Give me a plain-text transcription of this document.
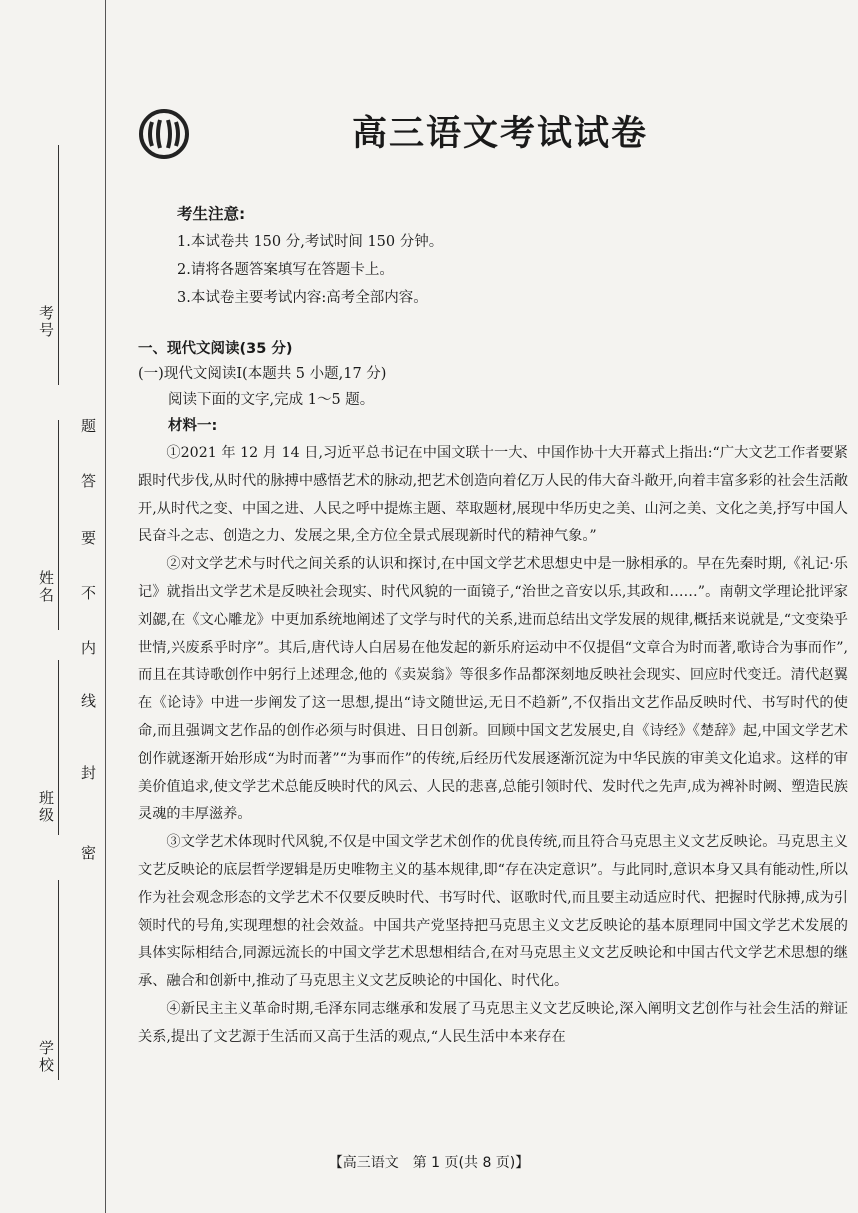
考号
姓名
班级
学校
密
封
线
内
不
要
答
题
高三语文考试试卷
考生注意:
1.本试卷共 150 分,考试时间 150 分钟。
2.请将各题答案填写在答题卡上。
3.本试卷主要考试内容:高考全部内容。
一、现代文阅读(35 分)
(一)现代文阅读Ⅰ(本题共 5 小题,17 分)
阅读下面的文字,完成 1～5 题。
材料一:

①2021 年 12 月 14 日,习近平总书记在中国文联十一大、中国作协十大开幕式上指出:“广大文艺工作者要紧跟时代步伐,从时代的脉搏中感悟艺术的脉动,把艺术创造向着亿万人民的伟大奋斗敞开,向着丰富多彩的社会生活敞开,从时代之变、中国之进、人民之呼中提炼主题、萃取题材,展现中华历史之美、山河之美、文化之美,抒写中国人民奋斗之志、创造之力、发展之果,全方位全景式展现新时代的精神气象。”

②对文学艺术与时代之间关系的认识和探讨,在中国文学艺术思想史中是一脉相承的。早在先秦时期,《礼记·乐记》就指出文学艺术是反映社会现实、时代风貌的一面镜子,“治世之音安以乐,其政和……”。南朝文学理论批评家刘勰,在《文心雕龙》中更加系统地阐述了文学与时代的关系,进而总结出文学发展的规律,概括来说就是,“文变染乎世情,兴废系乎时序”。其后,唐代诗人白居易在他发起的新乐府运动中不仅提倡“文章合为时而著,歌诗合为事而作”,而且在其诗歌创作中躬行上述理念,他的《卖炭翁》等很多作品都深刻地反映社会现实、回应时代变迁。清代赵翼在《论诗》中进一步阐发了这一思想,提出“诗文随世运,无日不趋新”,不仅指出文艺作品反映时代、书写时代的使命,而且强调文艺作品的创作必须与时俱进、日日创新。回顾中国文艺发展史,自《诗经》《楚辞》起,中国文学艺术创作就逐渐开始形成“为时而著”“为事而作”的传统,后经历代发展逐渐沉淀为中华民族的审美文化追求。这样的审美价值追求,使文学艺术总能反映时代的风云、人民的悲喜,总能引领时代、发时代之先声,成为裨补时阙、塑造民族灵魂的丰厚滋养。

③文学艺术体现时代风貌,不仅是中国文学艺术创作的优良传统,而且符合马克思主义文艺反映论。马克思主义文艺反映论的底层哲学逻辑是历史唯物主义的基本规律,即“存在决定意识”。与此同时,意识本身又具有能动性,所以作为社会观念形态的文学艺术不仅要反映时代、书写时代、讴歌时代,而且要主动适应时代、把握时代脉搏,成为引领时代的号角,实现理想的社会效益。中国共产党坚持把马克思主义文艺反映论的基本原理同中国文学艺术发展的具体实际相结合,同源远流长的中国文学艺术思想相结合,在对马克思主义文艺反映论和中国古代文学艺术思想的继承、融合和创新中,推动了马克思主义文艺反映论的中国化、时代化。

④新民主主义革命时期,毛泽东同志继承和发展了马克思主义文艺反映论,深入阐明文艺创作与社会生活的辩证关系,提出了文艺源于生活而又高于生活的观点,“人民生活中本来存在

【高三语文　第 1 页(共 8 页)】
